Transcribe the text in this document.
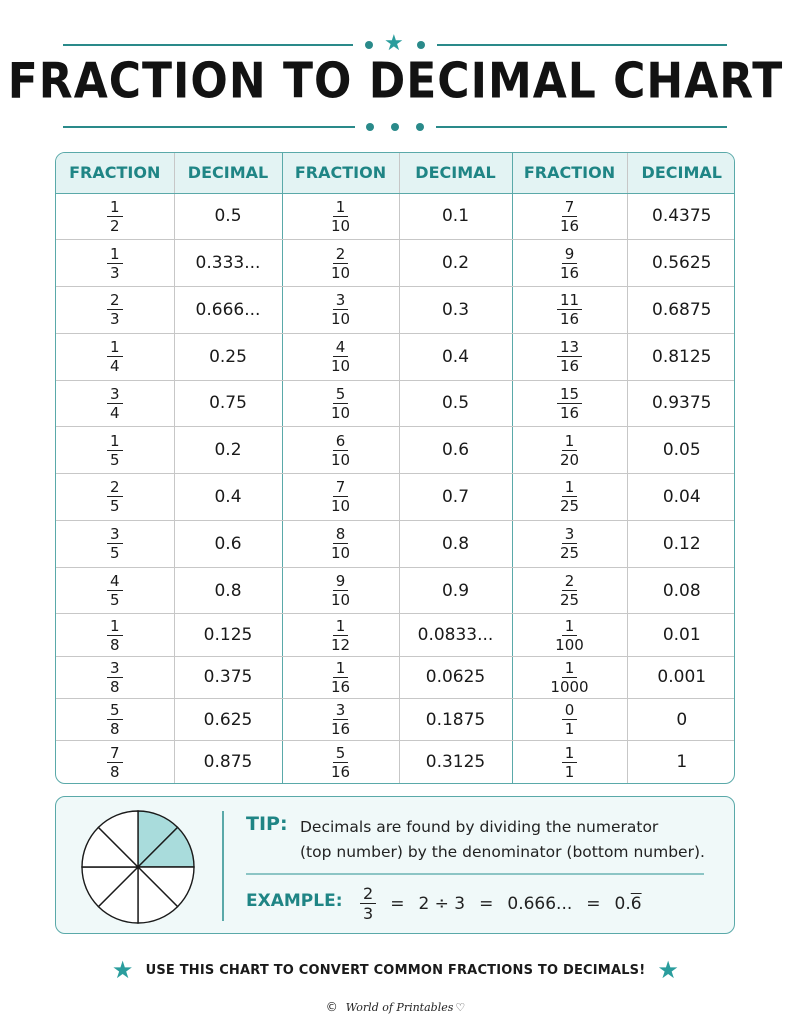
★
FRACTION TO DECIMAL CHART
FRACTION	DECIMAL	FRACTION	DECIMAL	FRACTION	DECIMAL

$\frac{1}{2}$	0.5	$\frac{1}{10}$	0.1	$\frac{7}{16}$	0.4375

$\frac{1}{3}$	0.333...	$\frac{2}{10}$	0.2	$\frac{9}{16}$	0.5625

$\frac{2}{3}$	0.666...	$\frac{3}{10}$	0.3	$\frac{11}{16}$	0.6875

$\frac{1}{4}$	0.25	$\frac{4}{10}$	0.4	$\frac{13}{16}$	0.8125

$\frac{3}{4}$	0.75	$\frac{5}{10}$	0.5	$\frac{15}{16}$	0.9375

$\frac{1}{5}$	0.2	$\frac{6}{10}$	0.6	$\frac{1}{20}$	0.05

$\frac{2}{5}$	0.4	$\frac{7}{10}$	0.7	$\frac{1}{25}$	0.04

$\frac{3}{5}$	0.6	$\frac{8}{10}$	0.8	$\frac{3}{25}$	0.12

$\frac{4}{5}$	0.8	$\frac{9}{10}$	0.9	$\frac{2}{25}$	0.08

$\frac{1}{8}$	0.125	$\frac{1}{12}$	0.0833...	$\frac{1}{100}$	0.01

$\frac{3}{8}$	0.375	$\frac{1}{16}$	0.0625	$\frac{1}{1000}$	0.001

$\frac{5}{8}$	0.625	$\frac{3}{16}$	0.1875	$\frac{0}{1}$	0

$\frac{7}{8}$	0.875	$\frac{5}{16}$	0.3125	$\frac{1}{1}$	1
TIP: Decimals are found by dividing the numerator
(top number) by the denominator (bottom number).
EXAMPLE: $\frac{2}{3} = 2 \div 3 = 0.666$... = 0.6
★ USE THIS CHART TO CONVERT COMMON FRACTIONS TO DECIMALS! ★
© World of Printables ♡
